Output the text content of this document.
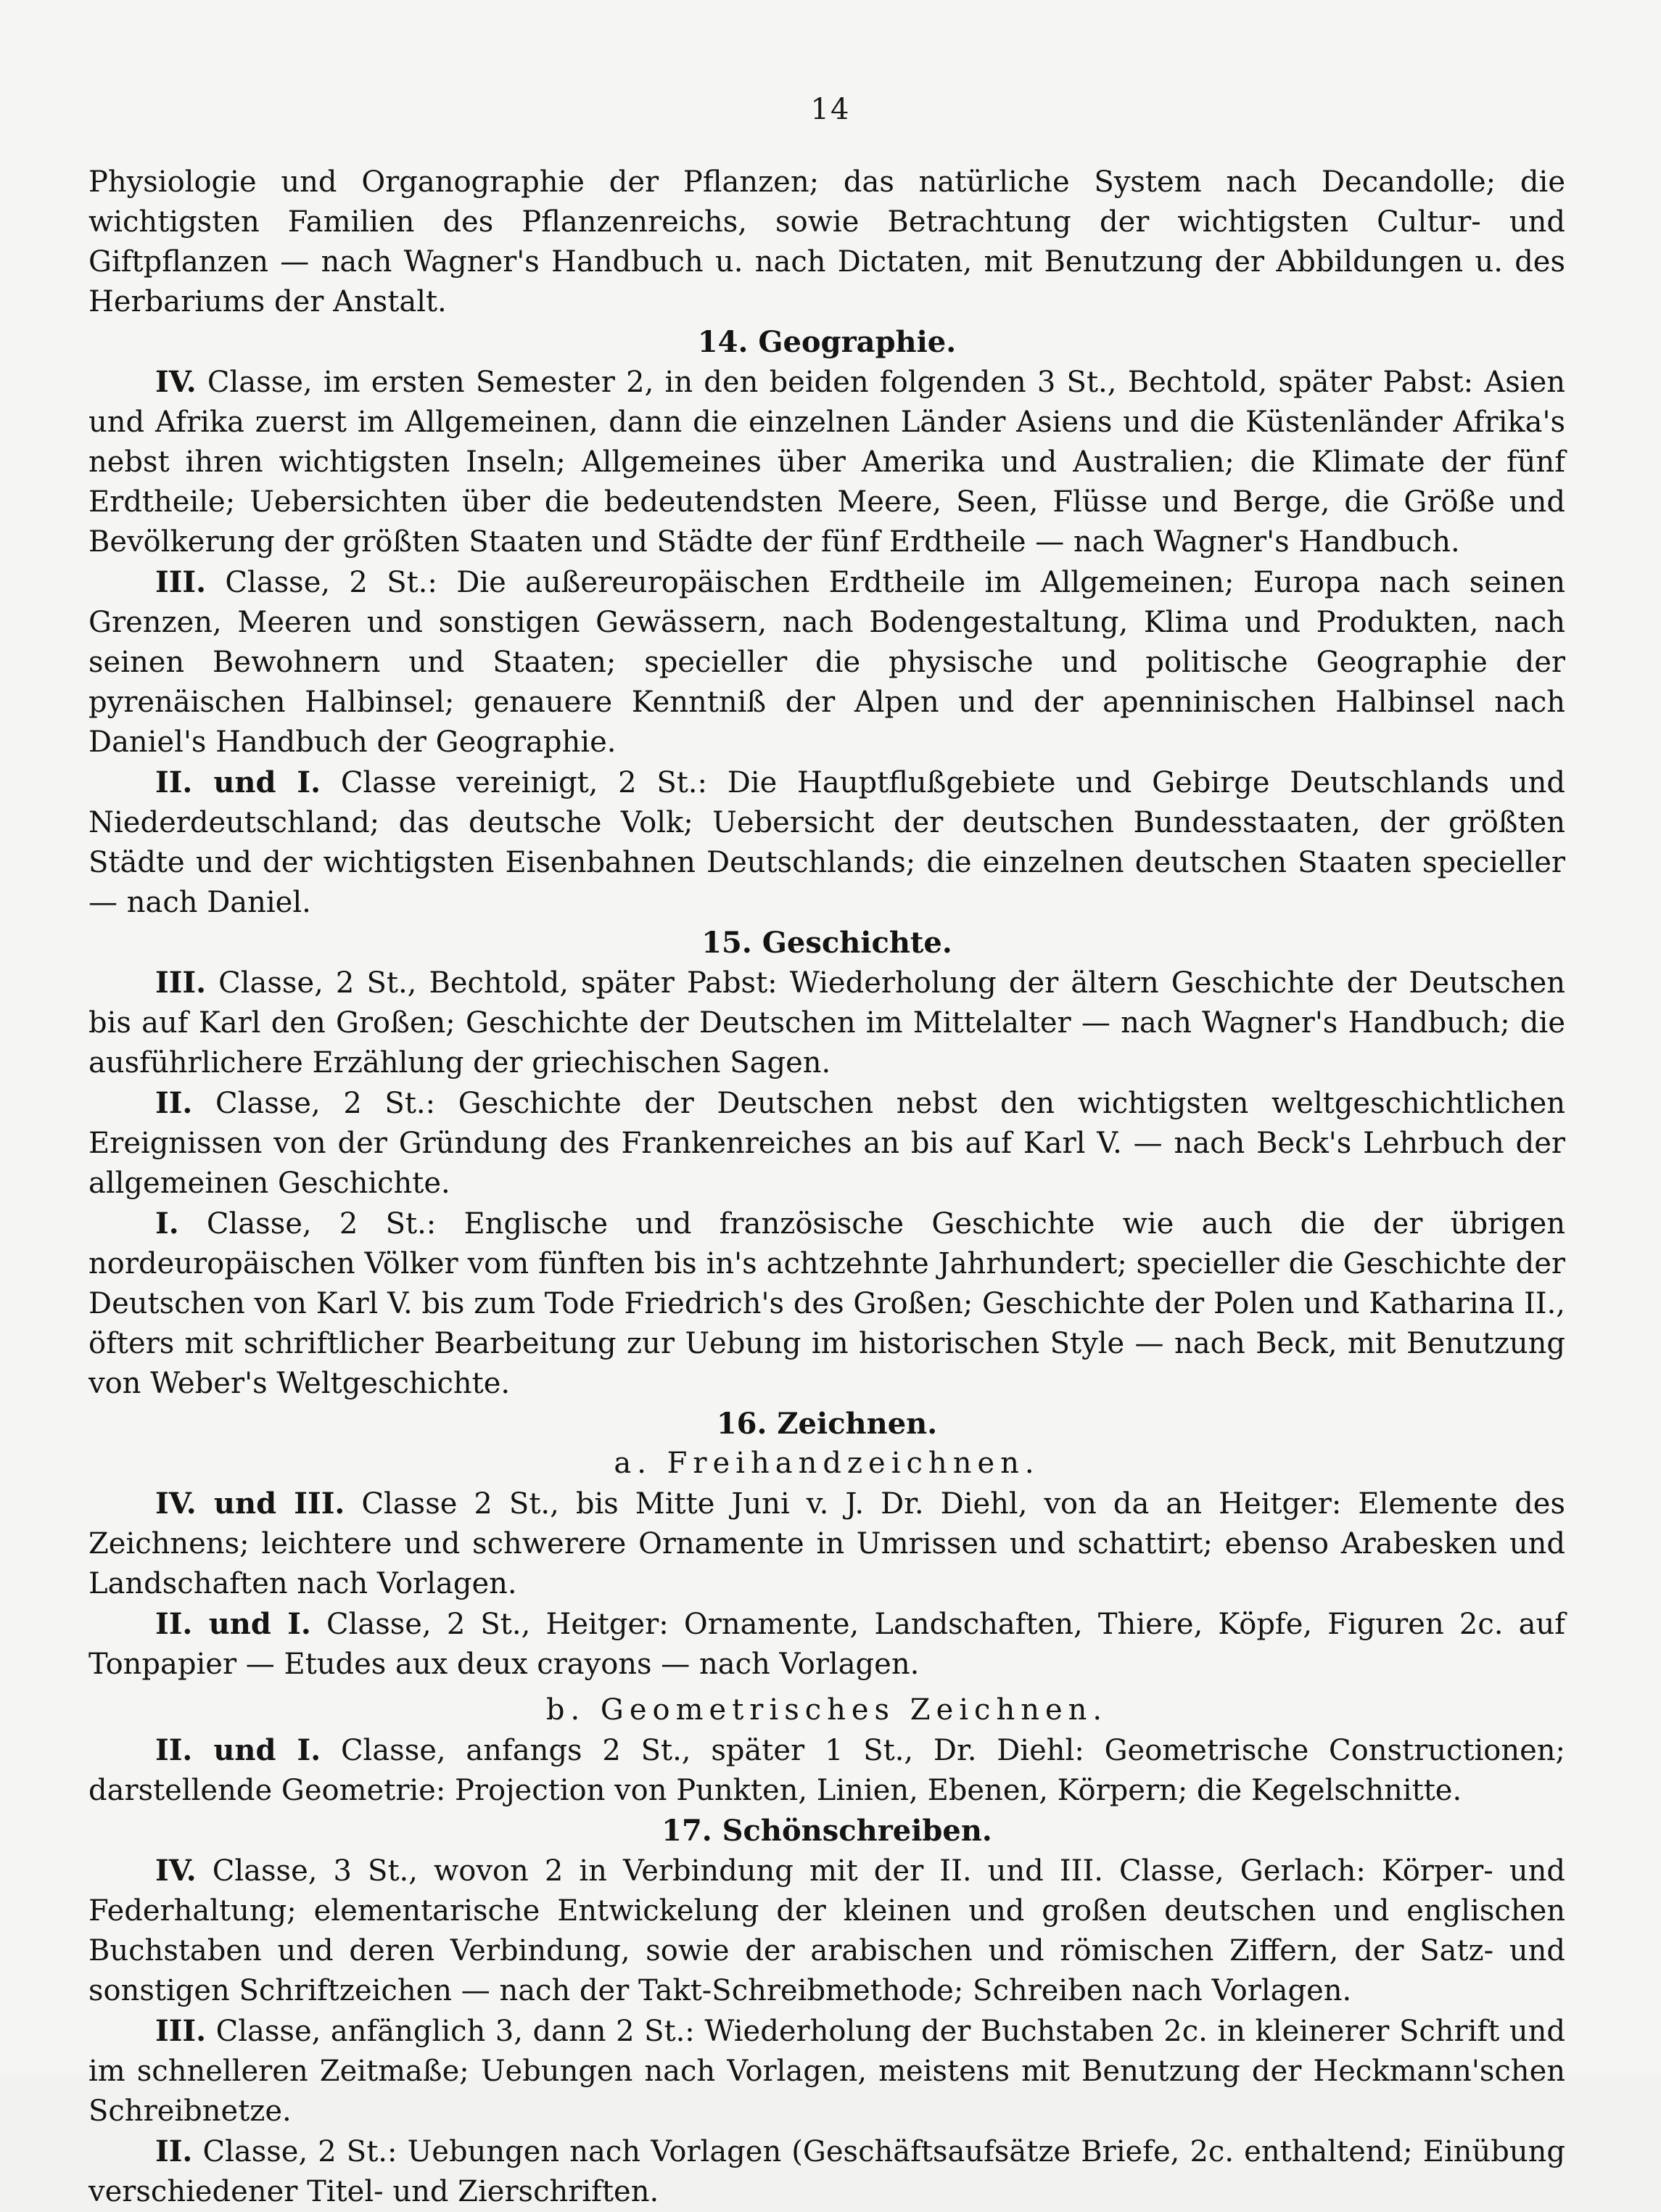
14

Physiologie und Organographie der Pflanzen; das natürliche System nach Decandolle; die wichtigsten Familien des Pflanzenreichs, sowie Betrachtung der wichtigsten Cultur- und Giftpflanzen — nach Wagner's Handbuch u. nach Dictaten, mit Benutzung der Abbildungen u. des Herbariums der Anstalt.

14. Geographie.

IV. Classe, im ersten Semester 2, in den beiden folgenden 3 St., Bechtold, später Pabst: Asien und Afrika zuerst im Allgemeinen, dann die einzelnen Länder Asiens und die Küstenländer Afrika's nebst ihren wichtigsten Inseln; Allgemeines über Amerika und Australien; die Klimate der fünf Erdtheile; Uebersichten über die bedeutendsten Meere, Seen, Flüsse und Berge, die Größe und Bevölkerung der größten Staaten und Städte der fünf Erdtheile — nach Wagner's Handbuch.

III. Classe, 2 St.: Die außereuropäischen Erdtheile im Allgemeinen; Europa nach seinen Grenzen, Meeren und sonstigen Gewässern, nach Bodengestaltung, Klima und Produkten, nach seinen Bewohnern und Staaten; specieller die physische und politische Geographie der pyrenäischen Halbinsel; genauere Kenntniß der Alpen und der apenninischen Halbinsel nach Daniel's Handbuch der Geographie.

II. und I. Classe vereinigt, 2 St.: Die Hauptflußgebiete und Gebirge Deutschlands und Niederdeutschland; das deutsche Volk; Uebersicht der deutschen Bundesstaaten, der größten Städte und der wichtigsten Eisenbahnen Deutschlands; die einzelnen deutschen Staaten specieller — nach Daniel.

15. Geschichte.

III. Classe, 2 St., Bechtold, später Pabst: Wiederholung der ältern Geschichte der Deutschen bis auf Karl den Großen; Geschichte der Deutschen im Mittelalter — nach Wagner's Handbuch; die ausführlichere Erzählung der griechischen Sagen.

II. Classe, 2 St.: Geschichte der Deutschen nebst den wichtigsten weltgeschichtlichen Ereignissen von der Gründung des Frankenreiches an bis auf Karl V. — nach Beck's Lehrbuch der allgemeinen Geschichte.

I. Classe, 2 St.: Englische und französische Geschichte wie auch die der übrigen nordeuropäischen Völker vom fünften bis in's achtzehnte Jahrhundert; specieller die Geschichte der Deutschen von Karl V. bis zum Tode Friedrich's des Großen; Geschichte der Polen und Katharina II., öfters mit schriftlicher Bearbeitung zur Uebung im historischen Style — nach Beck, mit Benutzung von Weber's Weltgeschichte.

16. Zeichnen.
a. Freihandzeichnen.

IV. und III. Classe 2 St., bis Mitte Juni v. J. Dr. Diehl, von da an Heitger: Elemente des Zeichnens; leichtere und schwerere Ornamente in Umrissen und schattirt; ebenso Arabesken und Landschaften nach Vorlagen.

II. und I. Classe, 2 St., Heitger: Ornamente, Landschaften, Thiere, Köpfe, Figuren 2c. auf Tonpapier — Etudes aux deux crayons — nach Vorlagen.

b. Geometrisches Zeichnen.

II. und I. Classe, anfangs 2 St., später 1 St., Dr. Diehl: Geometrische Constructionen; darstellende Geometrie: Projection von Punkten, Linien, Ebenen, Körpern; die Kegelschnitte.

17. Schönschreiben.

IV. Classe, 3 St., wovon 2 in Verbindung mit der II. und III. Classe, Gerlach: Körper- und Federhaltung; elementarische Entwickelung der kleinen und großen deutschen und englischen Buchstaben und deren Verbindung, sowie der arabischen und römischen Ziffern, der Satz- und sonstigen Schriftzeichen — nach der Takt-Schreibmethode; Schreiben nach Vorlagen.

III. Classe, anfänglich 3, dann 2 St.: Wiederholung der Buchstaben 2c. in kleinerer Schrift und im schnelleren Zeitmaße; Uebungen nach Vorlagen, meistens mit Benutzung der Heckmann'schen Schreibnetze.

II. Classe, 2 St.: Uebungen nach Vorlagen (Geschäftsaufsätze Briefe, 2c. enthaltend; Einübung verschiedener Titel- und Zierschriften.
